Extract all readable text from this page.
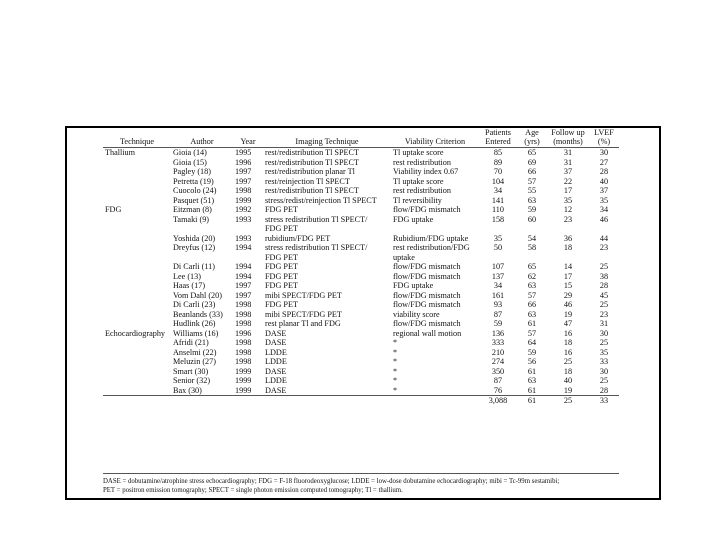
Technique	Author	Year	Imaging Technique	Viability Criterion	Patients Entered	Age (yrs)	Follow up (months)	LVEF (%)
Thallium	Gioia (14)	1995	rest/redistribution Tl SPECT	Tl uptake score	85	65	31	30
	Gioia (15)	1996	rest/redistribution Tl SPECT	rest redistribution	89	69	31	27
	Pagley (18)	1997	rest/redistribution planar Tl	Viability index 0.67	70	66	37	28
	Petretta (19)	1997	rest/reinjection Tl SPECT	Tl uptake score	104	57	22	40
	Cuocolo (24)	1998	rest/redistribution Tl SPECT	rest redistribution	34	55	17	37
	Pasquet (51)	1999	stress/redist/reinjection Tl SPECT	Tl reversibility	141	63	35	35
FDG	Eitzman (8)	1992	FDG PET	flow/FDG mismatch	110	59	12	34
	Tamaki (9)	1993	stress redistribution Tl SPECT/	FDG uptake	158	60	23	46
			FDG PET					
	Yoshida (20)	1993	rubidium/FDG PET	Rubidium/FDG uptake	35	54	36	44
	Dreyfus (12)	1994	stress redistribution Tl SPECT/	rest redistribution/FDG	50	58	18	23
			FDG PET	uptake				
	Di Carli (11)	1994	FDG PET	flow/FDG mismatch	107	65	14	25
	Lee (13)	1994	FDG PET	flow/FDG mismatch	137	62	17	38
	Haas (17)	1997	FDG PET	FDG uptake	34	63	15	28
	Vom Dahl (20)	1997	mibi SPECT/FDG PET	flow/FDG mismatch	161	57	29	45
	Di Carli (23)	1998	FDG PET	flow/FDG mismatch	93	66	46	25
	Beanlands (33)	1998	mibi SPECT/FDG PET	viability score	87	63	19	23
	Hudlink (26)	1998	rest planar Tl and FDG	flow/FDG mismatch	59	61	47	31
Echocardiography	Williams (16)	1996	DASE	regional wall motion	136	57	16	30
	Afridi (21)	1998	DASE	*	333	64	18	25
	Anselmi (22)	1998	LDDE	*	210	59	16	35
	Meluzin (27)	1998	LDDE	*	274	56	25	33
	Smart (30)	1999	DASE	*	350	61	18	30
	Senior (32)	1999	LDDE	*	87	63	40	25
	Bax (30)	1999	DASE	*	76	61	19	28
					3,088	61	25	33
DASE = dobutamine/atrophine stress echocardiography; FDG = F-18 fluorodeoxyglucose; LDDE = low-dose dobutamine echocardiography; mibi = Tc-99m sestamibi;
PET = positron emission tomography; SPECT = single photon emission computed tomography; Tl = thallium.
